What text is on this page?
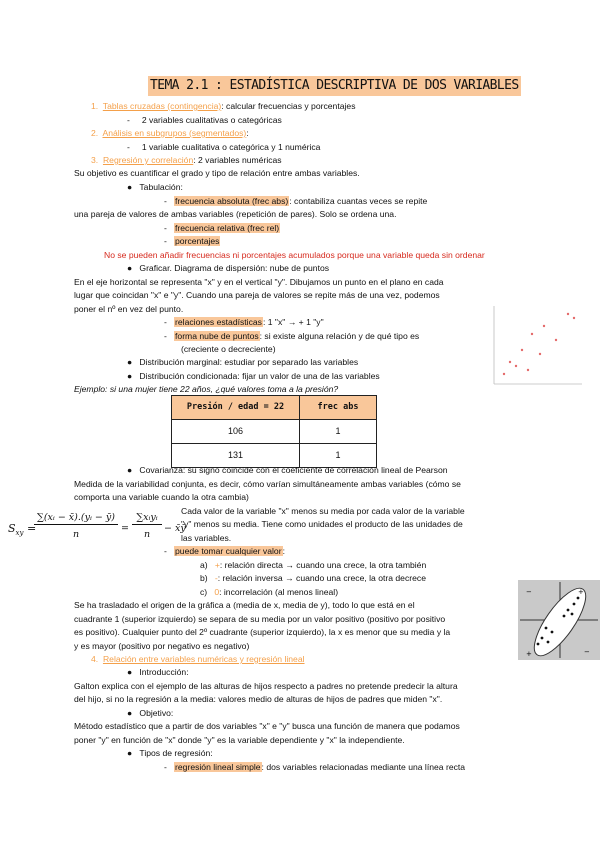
TEMA 2.1 : ESTADÍSTICA DESCRIPTIVA DE DOS VARIABLES
1. Tablas cruzadas (contingencia): calcular frecuencias y porcentajes
-     2 variables cualitativas o categóricas
2. Análisis en subgrupos (segmentados):
-     1 variable cualitativa o categórica y 1 numérica
3. Regresión y correlación: 2 variables numéricas
Su objetivo es cuantificar el grado y tipo de relación entre ambas variables.
● Tabulación:
-   frecuencia absoluta (frec abs): contabiliza cuantas veces se repite
una pareja de valores de ambas variables (repetición de pares). Solo se ordena una.
-   frecuencia relativa (frec rel)
-   porcentajes
No se pueden añadir frecuencias ni porcentajes acumulados porque una variable queda sin ordenar
● Graficar. Diagrama de dispersión: nube de puntos
En el eje horizontal se representa "x" y en el vertical "y". Dibujamos un punto en el plano en cada
lugar que coincidan "x" e "y". Cuando una pareja de valores se repite más de una vez, podemos
poner el nº en vez del punto.
-   relaciones estadísticas: 1 "x" → + 1 "y"
-   forma nube de puntos: si existe alguna relación y de qué tipo es
(creciente o decreciente)
● Distribución marginal: estudiar por separado las variables
● Distribución condicionada: fijar un valor de una de las variables
Ejemplo: si una mujer tiene 22 años, ¿qué valores toma a la presión?
Presión / edad = 22	frec abs
106	1
131	1
● Covarianza: su signo coincide con el coeficiente de correlación lineal de Pearson
Medida de la variabilidad conjunta, es decir, cómo varían simultáneamente ambas variables (cómo se
comporta una variable cuando la otra cambia)
$S_{xy}$ =
∑(xᵢ − x̄).(yᵢ − ȳ)
n
=
∑xᵢyᵢ
n
− x̄ȳ
Cada valor de la variable "x" menos su media por cada valor de la variable
"y" menos su media. Tiene como unidades el producto de las unidades de
las variables.
-   puede tomar cualquier valor:
a) +: relación directa → cuando una crece, la otra también
b) -: relación inversa → cuando una crece, la otra decrece
c) 0: incorrelación (al menos lineal)	+
+
−
−
Se ha trasladado el origen de la gráfica a (media de x, media de y), todo lo que está en el
cuadrante 1 (superior izquierdo) se separa de su media por un valor positivo (positivo por positivo
es positivo). Cualquier punto del 2º cuadrante (superior izquierdo), la x es menor que su media y la
y es mayor (positivo por negativo es negativo)
4. Relación entre variables numéricas y regresión lineal
● Introducción:
Galton explica con el ejemplo de las alturas de hijos respecto a padres no pretende predecir la altura
del hijo, si no la regresión a la media: valores medio de alturas de hijos de padres que miden "x".
● Objetivo:
Método estadístico que a partir de dos variables "x" e "y" busca una función de manera que podamos
poner "y" en función de "x" donde "y" es la variable dependiente y "x" la independiente.
● Tipos de regresión:
-   regresión lineal simple: dos variables relacionadas mediante una línea recta
